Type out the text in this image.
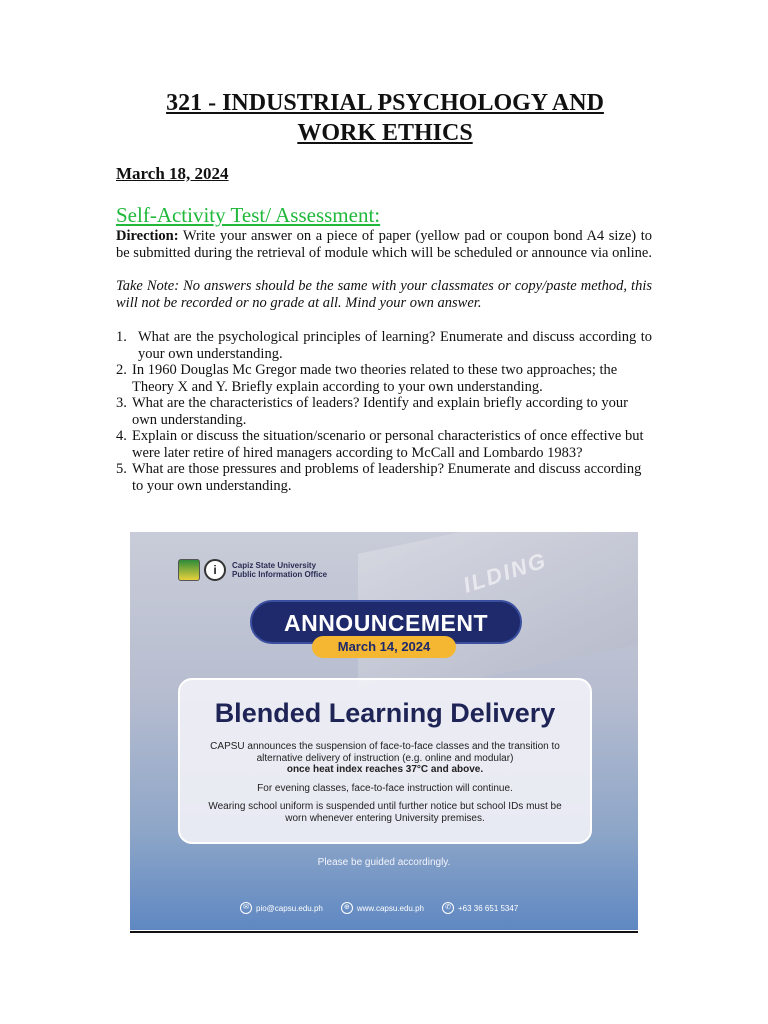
321 - INDUSTRIAL PSYCHOLOGY AND
WORK ETHICS
March 18, 2024
Self-Activity Test/ Assessment:
Direction: Write your answer on a piece of paper (yellow pad or coupon bond A4 size) to be submitted during the retrieval of module which will be scheduled or announce via online.
Take Note: No answers should be the same with your classmates or copy/paste method, this will not be recorded or no grade at all. Mind your own answer.
1. What are the psychological principles of learning? Enumerate and discuss according to your own understanding.
2. In 1960 Douglas Mc Gregor made two theories related to these two approaches; the Theory X and Y. Briefly explain according to your own understanding.
3. What are the characteristics of leaders? Identify and explain briefly according to your own understanding.
4. Explain or discuss the situation/scenario or personal characteristics of once effective but were later retire of hired managers according to McCall and Lombardo 1983?
5. What are those pressures and problems of leadership? Enumerate and discuss according to your own understanding.
ILDING
i	Capiz State University
Public Information Office
ANNOUNCEMENT
March 14, 2024
Blended Learning Delivery
CAPSU announces the suspension of face-to-face classes and the transition to alternative delivery of instruction (e.g. online and modular)
once heat index reaches 37°C and above.
For evening classes, face-to-face instruction will continue.
Wearing school uniform is suspended until further notice but school IDs must be worn whenever entering University premises.
Please be guided accordingly.
✉ pio@capsu.edu.ph	⊕ www.capsu.edu.ph	✆ +63 36 651 5347
